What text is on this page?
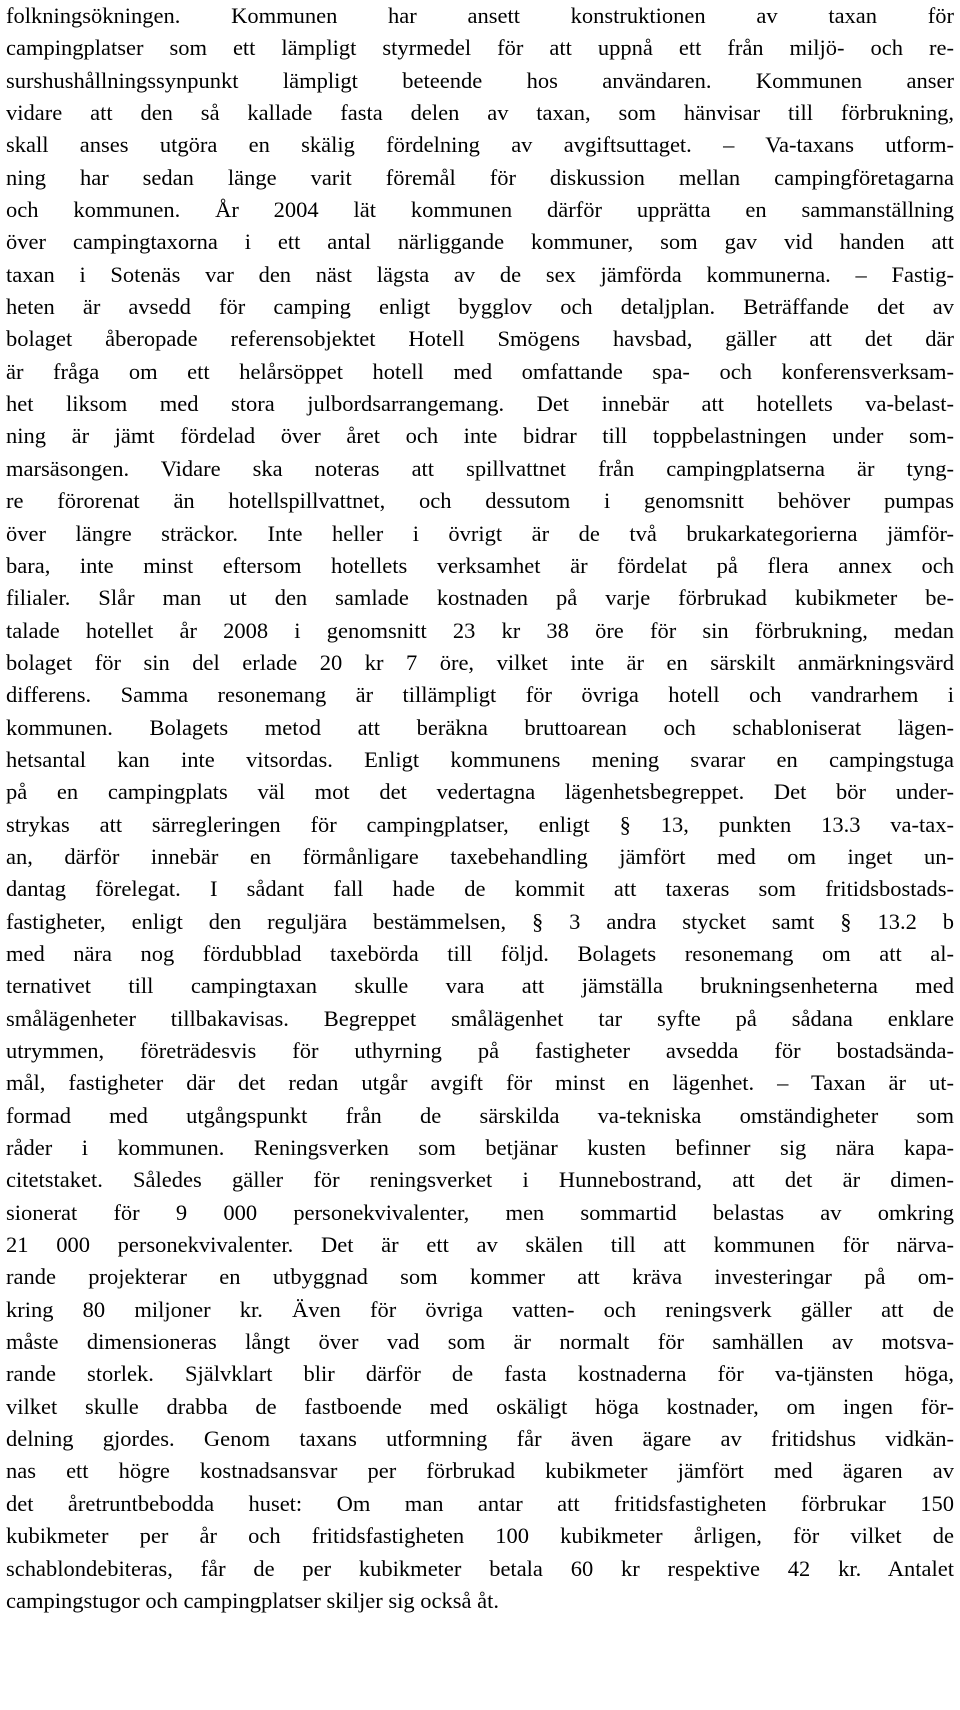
folkningsökningen. Kommunen har ansett konstruktionen av taxan för
campingplatser som ett lämpligt styrmedel för att uppnå ett från miljö- och re-
surshushållningssynpunkt lämpligt beteende hos användaren. Kommunen anser
vidare att den så kallade fasta delen av taxan, som hänvisar till förbrukning,
skall anses utgöra en skälig fördelning av avgiftsuttaget. – Va-taxans utform-
ning har sedan länge varit föremål för diskussion mellan campingföretagarna
och kommunen. År 2004 lät kommunen därför upprätta en sammanställning
över campingtaxorna i ett antal närliggande kommuner, som gav vid handen att
taxan i Sotenäs var den näst lägsta av de sex jämförda kommunerna. – Fastig-
heten är avsedd för camping enligt bygglov och detaljplan. Beträffande det av
bolaget åberopade referensobjektet Hotell Smögens havsbad, gäller att det där
är fråga om ett helårsöppet hotell med omfattande spa- och konferensverksam-
het liksom med stora julbordsarrangemang. Det innebär att hotellets va-belast-
ning är jämt fördelad över året och inte bidrar till toppbelastningen under som-
marsäsongen. Vidare ska noteras att spillvattnet från campingplatserna är tyng-
re förorenat än hotellspillvattnet, och dessutom i genomsnitt behöver pumpas
över längre sträckor. Inte heller i övrigt är de två brukarkategorierna jämför-
bara, inte minst eftersom hotellets verksamhet är fördelat på flera annex och
filialer. Slår man ut den samlade kostnaden på varje förbrukad kubikmeter be-
talade hotellet år 2008 i genomsnitt 23 kr 38 öre för sin förbrukning, medan
bolaget för sin del erlade 20 kr 7 öre, vilket inte är en särskilt anmärkningsvärd
differens. Samma resonemang är tillämpligt för övriga hotell och vandrarhem i
kommunen. Bolagets metod att beräkna bruttoarean och schabloniserat lägen-
hetsantal kan inte vitsordas. Enligt kommunens mening svarar en campingstuga
på en campingplats väl mot det vedertagna lägenhetsbegreppet. Det bör under-
strykas att särregleringen för campingplatser, enligt § 13, punkten 13.3 va-tax-
an, därför innebär en förmånligare taxebehandling jämfört med om inget un-
dantag förelegat. I sådant fall hade de kommit att taxeras som fritidsbostads-
fastigheter, enligt den reguljära bestämmelsen, § 3 andra stycket samt § 13.2 b
med nära nog fördubblad taxebörda till följd. Bolagets resonemang om att al-
ternativet till campingtaxan skulle vara att jämställa brukningsenheterna med
smålägenheter tillbakavisas. Begreppet smålägenhet tar syfte på sådana enklare
utrymmen, företrädesvis för uthyrning på fastigheter avsedda för bostadsända-
mål, fastigheter där det redan utgår avgift för minst en lägenhet. – Taxan är ut-
formad med utgångspunkt från de särskilda va-tekniska omständigheter som
råder i kommunen. Reningsverken som betjänar kusten befinner sig nära kapa-
citetstaket. Således gäller för reningsverket i Hunnebostrand, att det är dimen-
sionerat för 9 000 personekvivalenter, men sommartid belastas av omkring
21 000 personekvivalenter. Det är ett av skälen till att kommunen för närva-
rande projekterar en utbyggnad som kommer att kräva investeringar på om-
kring 80 miljoner kr. Även för övriga vatten- och reningsverk gäller att de
måste dimensioneras långt över vad som är normalt för samhällen av motsva-
rande storlek. Självklart blir därför de fasta kostnaderna för va-tjänsten höga,
vilket skulle drabba de fastboende med oskäligt höga kostnader, om ingen för-
delning gjordes. Genom taxans utformning får även ägare av fritidshus vidkän-
nas ett högre kostnadsansvar per förbrukad kubikmeter jämfört med ägaren av
det åretruntbebodda huset: Om man antar att fritidsfastigheten förbrukar 150
kubikmeter per år och fritidsfastigheten 100 kubikmeter årligen, för vilket de
schablondebiteras, får de per kubikmeter betala 60 kr respektive 42 kr. Antalet
campingstugor och campingplatser skiljer sig också åt.
